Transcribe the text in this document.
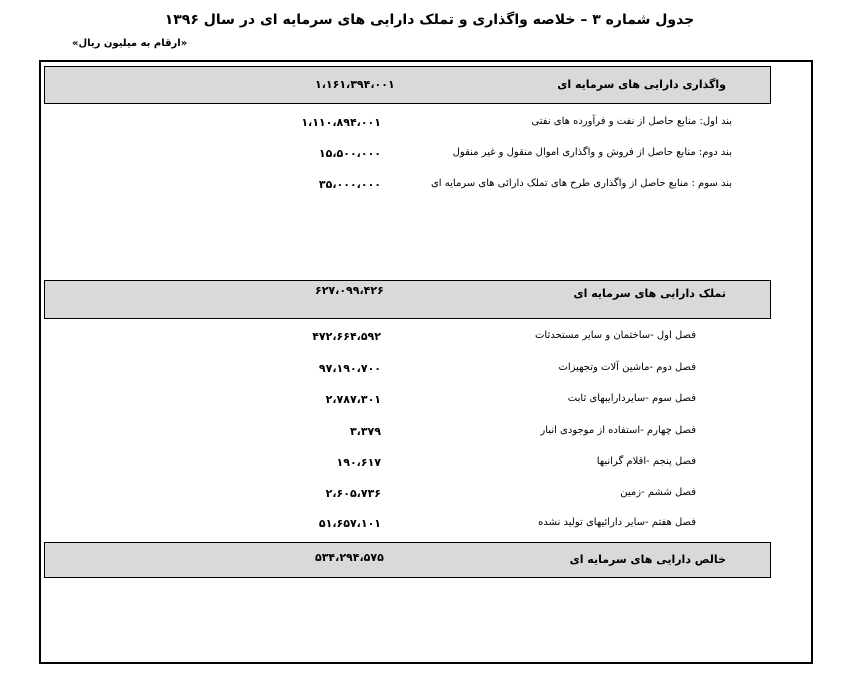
جدول شماره ۳ – خلاصه واگذاری و تملک دارایی های سرمایه ای در سال ۱۳۹۶
«ارقام به میلیون ریال»
واگذاری دارایی های سرمایه ای
۱،۱۶۱،۳۹۴،۰۰۱
بند اول: منابع حاصل از نفت و فرآورده های نفتی
۱،۱۱۰،۸۹۴،۰۰۱
بند دوم: منابع حاصل از فروش و واگذاری اموال منقول و غیر منقول
۱۵،۵۰۰،۰۰۰
بند سوم : منابع حاصل از واگذاری طرح های تملک دارائی های سرمایه ای
۳۵،۰۰۰،۰۰۰
تملک دارایی های سرمایه ای
۶۲۷،۰۹۹،۴۲۶
فصل اول -ساختمان و سایر مستحدثات
۴۷۲،۶۶۴،۵۹۲
فصل دوم -ماشین آلات وتجهیزات
۹۷،۱۹۰،۷۰۰
فصل سوم -سایردارایبهای ثابت
۲،۷۸۷،۳۰۱
فصل چهارم -استفاده از موجودی انبار
۳،۳۷۹
فصل پنجم -اقلام گرانبها
۱۹۰،۶۱۷
فصل ششم -زمین
۲،۶۰۵،۷۳۶
فصل هفتم -سایر دارائیهای تولید نشده
۵۱،۶۵۷،۱۰۱
خالص دارایی های سرمایه ای
۵۳۴،۲۹۴،۵۷۵
